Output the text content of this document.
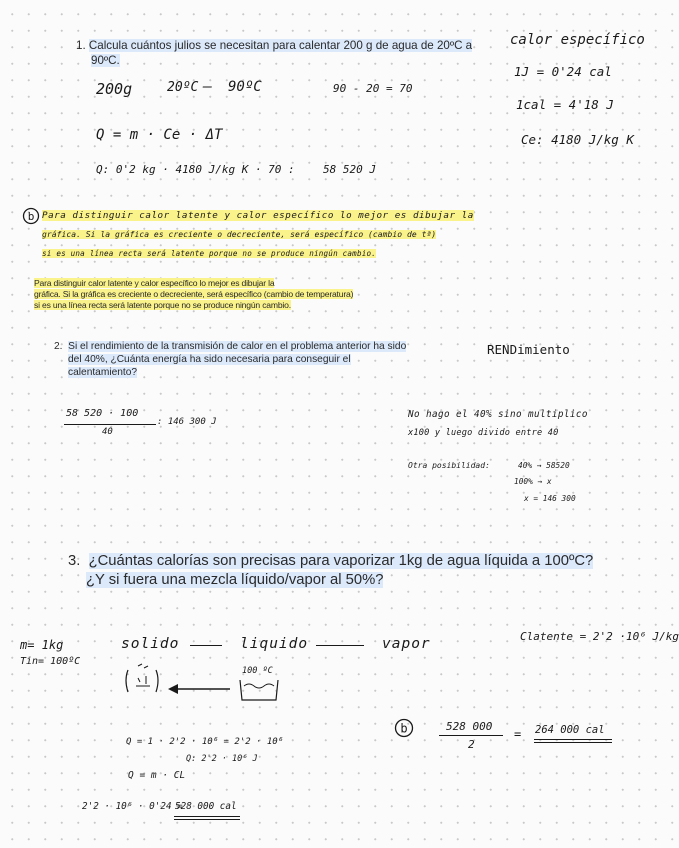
1. Calcula cuántos julios se necesitan para calentar 200 g de agua de 20ºC a
90ºC.
200g	20ºC — 90ºC	90 - 20 = 70
Q = m · Ce · ΔT
Q: 0'2 kg · 4180 J/kg K · 70 :	58 520 J
calor específico
1J = 0'24 cal
1cal = 4'18 J
Ce: 4180 J/kg K
b Para distinguir calor latente y calor específico lo mejor es dibujar la
gráfica. Si la gráfica es creciente o decreciente, será específico (cambio de tª)
si es una línea recta será latente porque no se produce ningún cambio.
Para distinguir calor latente y calor específico lo mejor es dibujar la
gráfica. Si la gráfica es creciente o decreciente, será específico (cambio de temperatura)
si es una línea recta será latente porque no se produce ningún cambio.
2. Si el rendimiento de la transmisión de calor en el problema anterior ha sido
del 40%, ¿Cuánta energía ha sido necesaria para conseguir el
calentamiento?
RENDimiento
58 520 · 100
40
: 146 300 J
No hago el 40% sino multiplico
x100 y luego divido entre 40
Otra posibilidad:	40% → 58520
100% → x
x = 146 300
3. ¿Cuántas calorías son precisas para vaporizar 1kg de agua líquida a 100ºC?
¿Y si fuera una mezcla líquido/vapor al 50%?
m= 1kg
Tin= 100ºC
solido	liquido	vapor	Clatente = 2'2 ·10⁶ J/kg
100 ºC
Q = 1 · 2'2 · 10⁶ = 2'2 · 10⁶
Q: 2'2 · 10⁶ J
Q = m · CL
2'2 · 10⁶ · 0'24 =
528 000 cal
b	528 000
2
= 264 000 cal
